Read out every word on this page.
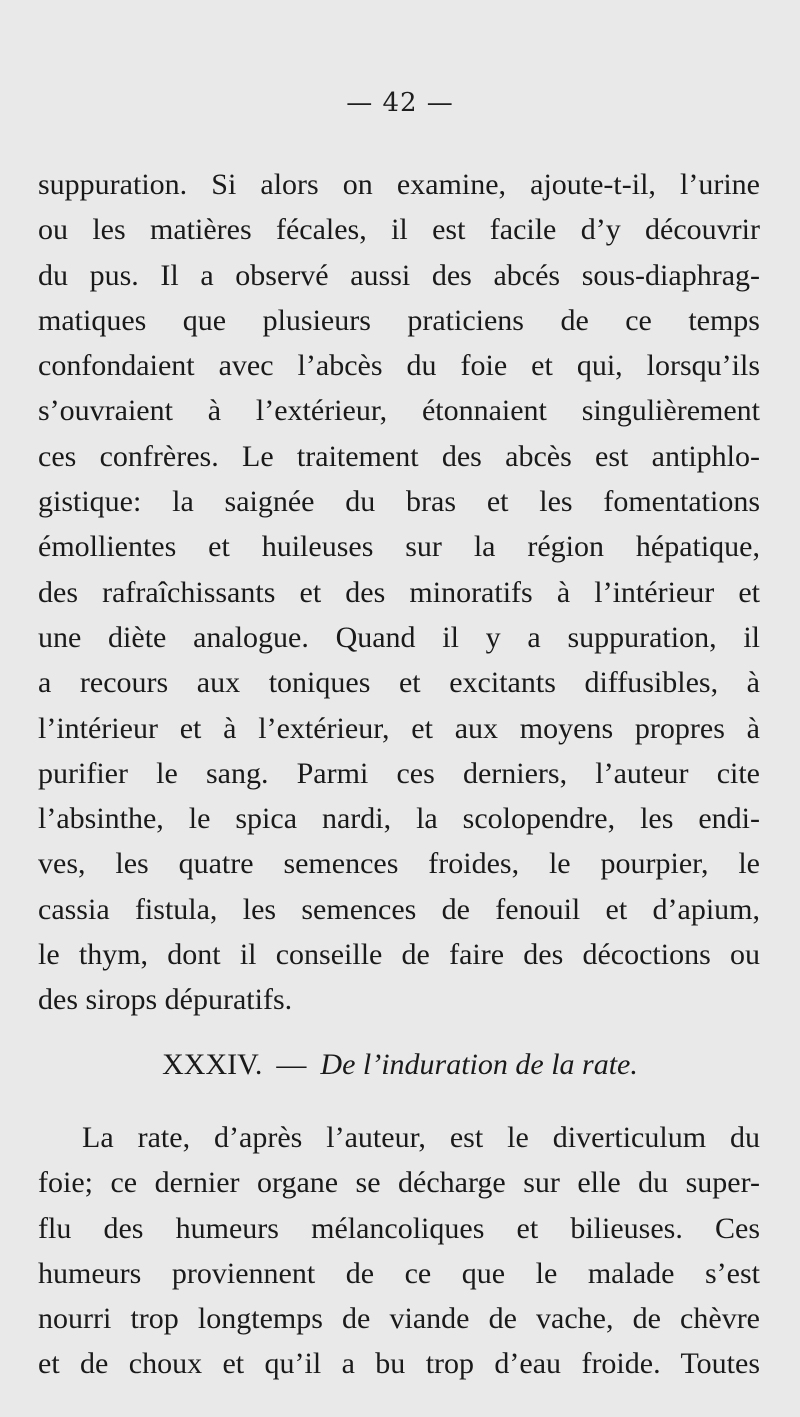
— 42 —
suppuration. Si alors on examine, ajoute-t-il, l’urine
ou les matières fécales, il est facile d’y découvrir
du pus. Il a observé aussi des abcés sous-diaphrag-
matiques que plusieurs praticiens de ce temps
confondaient avec l’abcès du foie et qui, lorsqu’ils
s’ouvraient à l’extérieur, étonnaient singulièrement
ces confrères. Le traitement des abcès est antiphlo-
gistique: la saignée du bras et les fomentations
émollientes et huileuses sur la région hépatique,
des rafraîchissants et des minoratifs à l’intérieur et
une diète analogue. Quand il y a suppuration, il
a recours aux toniques et excitants diffusibles, à
l’intérieur et à l’extérieur, et aux moyens propres à
purifier le sang. Parmi ces derniers, l’auteur cite
l’absinthe, le spica nardi, la scolopendre, les endi-
ves, les quatre semences froides, le pourpier, le
cassia fistula, les semences de fenouil et d’apium,
le thym, dont il conseille de faire des décoctions ou
des sirops dépuratifs.
XXXIV. — De l’induration de la rate.
La rate, d’après l’auteur, est le diverticulum du
foie; ce dernier organe se décharge sur elle du super-
flu des humeurs mélancoliques et bilieuses. Ces
humeurs proviennent de ce que le malade s’est
nourri trop longtemps de viande de vache, de chèvre
et de choux et qu’il a bu trop d’eau froide. Toutes
